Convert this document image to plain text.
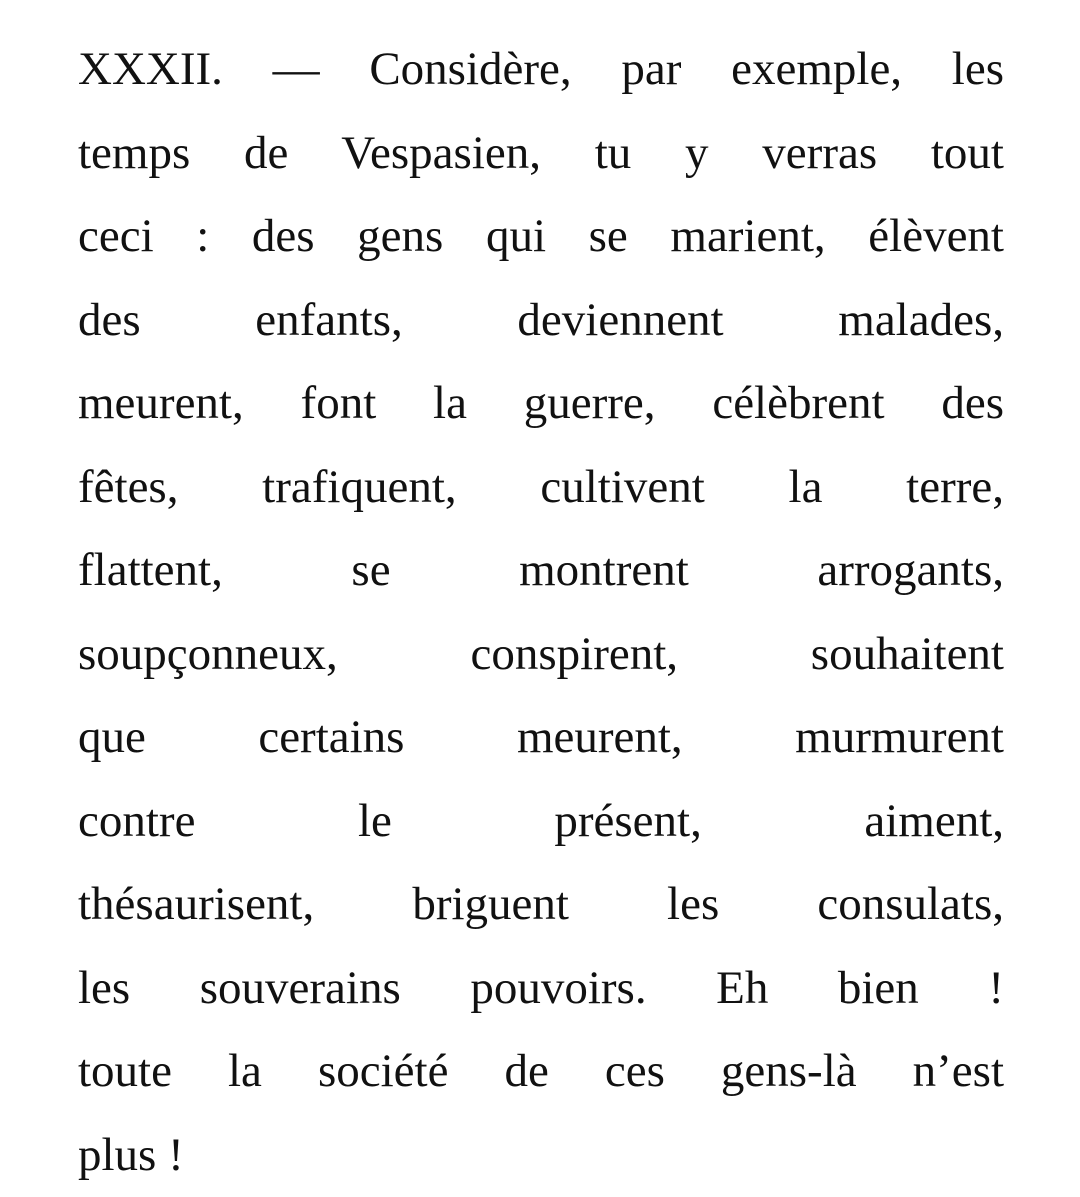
XXXII. — Considère, par exemple, les
temps de Vespasien, tu y verras tout
ceci : des gens qui se marient, élèvent
des enfants, deviennent malades,
meurent, font la guerre, célèbrent des
fêtes, trafiquent, cultivent la terre,
flattent, se montrent arrogants,
soupçonneux, conspirent, souhaitent
que certains meurent, murmurent
contre le présent, aiment,
thésaurisent, briguent les consulats,
les souverains pouvoirs. Eh bien !
toute la société de ces gens-là n’est
plus !
